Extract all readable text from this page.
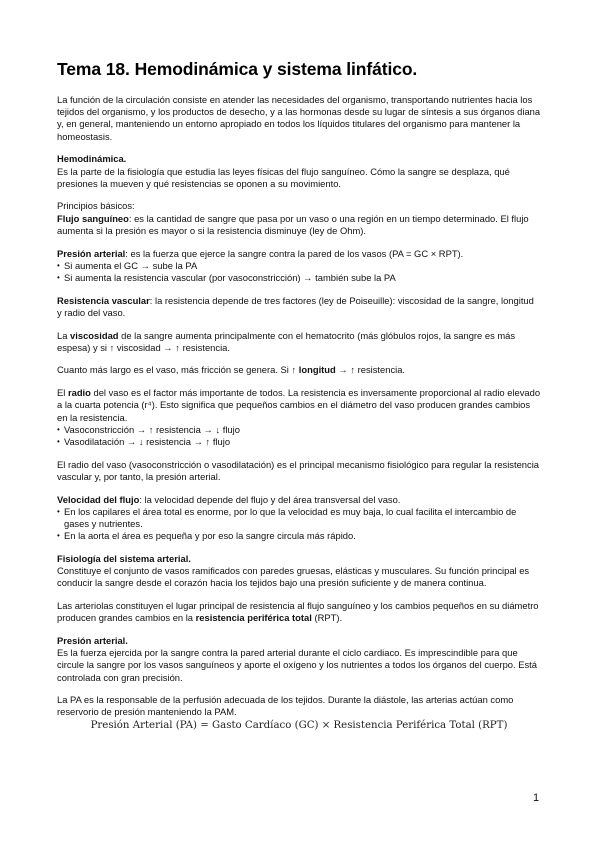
Tema 18. Hemodinámica y sistema linfático.

La función de la circulación consiste en atender las necesidades del organismo, transportando nutrientes hacia los tejidos del organismo, y los productos de desecho, y a las hormonas desde su lugar de síntesis a sus órganos diana y, en general, manteniendo un entorno apropiado en todos los líquidos titulares del organismo para mantener la homeostasis.

Hemodinámica.
Es la parte de la fisiología que estudia las leyes físicas del flujo sanguíneo. Cómo la sangre se desplaza, qué presiones la mueven y qué resistencias se oponen a su movimiento.

Principios básicos:
Flujo sanguíneo: es la cantidad de sangre que pasa por un vaso o una región en un tiempo determinado. El flujo aumenta si la presión es mayor o si la resistencia disminuye (ley de Ohm).

Presión arterial: es la fuerza que ejerce la sangre contra la pared de los vasos (PA = GC × RPT).

• Si aumenta el GC → sube la PA
• Si aumenta la resistencia vascular (por vasoconstricción) → también sube la PA

Resistencia vascular: la resistencia depende de tres factores (ley de Poiseuille): viscosidad de la sangre, longitud y radio del vaso.

La viscosidad de la sangre aumenta principalmente con el hematocrito (más glóbulos rojos, la sangre es más espesa) y si ↑ viscosidad → ↑ resistencia.

Cuanto más largo es el vaso, más fricción se genera. Si ↑ longitud → ↑ resistencia.

El radio del vaso es el factor más importante de todos. La resistencia es inversamente proporcional al radio elevado a la cuarta potencia (r⁴). Esto significa que pequeños cambios en el diámetro del vaso producen grandes cambios en la resistencia.

• Vasoconstricción → ↑ resistencia → ↓ flujo
• Vasodilatación → ↓ resistencia → ↑ flujo

El radio del vaso (vasoconstricción o vasodilatación) es el principal mecanismo fisiológico para regular la resistencia vascular y, por tanto, la presión arterial.

Velocidad del flujo: la velocidad depende del flujo y del área transversal del vaso.

• En los capilares el área total es enorme, por lo que la velocidad es muy baja, lo cual facilita el intercambio de gases y nutrientes.
• En la aorta el área es pequeña y por eso la sangre circula más rápido.

Fisiología del sistema arterial.
Constituye el conjunto de vasos ramificados con paredes gruesas, elásticas y musculares. Su función principal es conducir la sangre desde el corazón hacia los tejidos bajo una presión suficiente y de manera continua.

Las arteriolas constituyen el lugar principal de resistencia al flujo sanguíneo y los cambios pequeños en su diámetro producen grandes cambios en la resistencia periférica total (RPT).

Presión arterial.
Es la fuerza ejercida por la sangre contra la pared arterial durante el ciclo cardiaco. Es imprescindible para que circule la sangre por los vasos sanguíneos y aporte el oxígeno y los nutrientes a todos los órganos del cuerpo. Está controlada con gran precisión.

La PA es la responsable de la perfusión adecuada de los tejidos. Durante la diástole, las arterias actúan como reservorio de presión manteniendo la PAM.

Presión Arterial (PA) = Gasto Cardíaco (GC) × Resistencia Periférica Total (RPT)
1
